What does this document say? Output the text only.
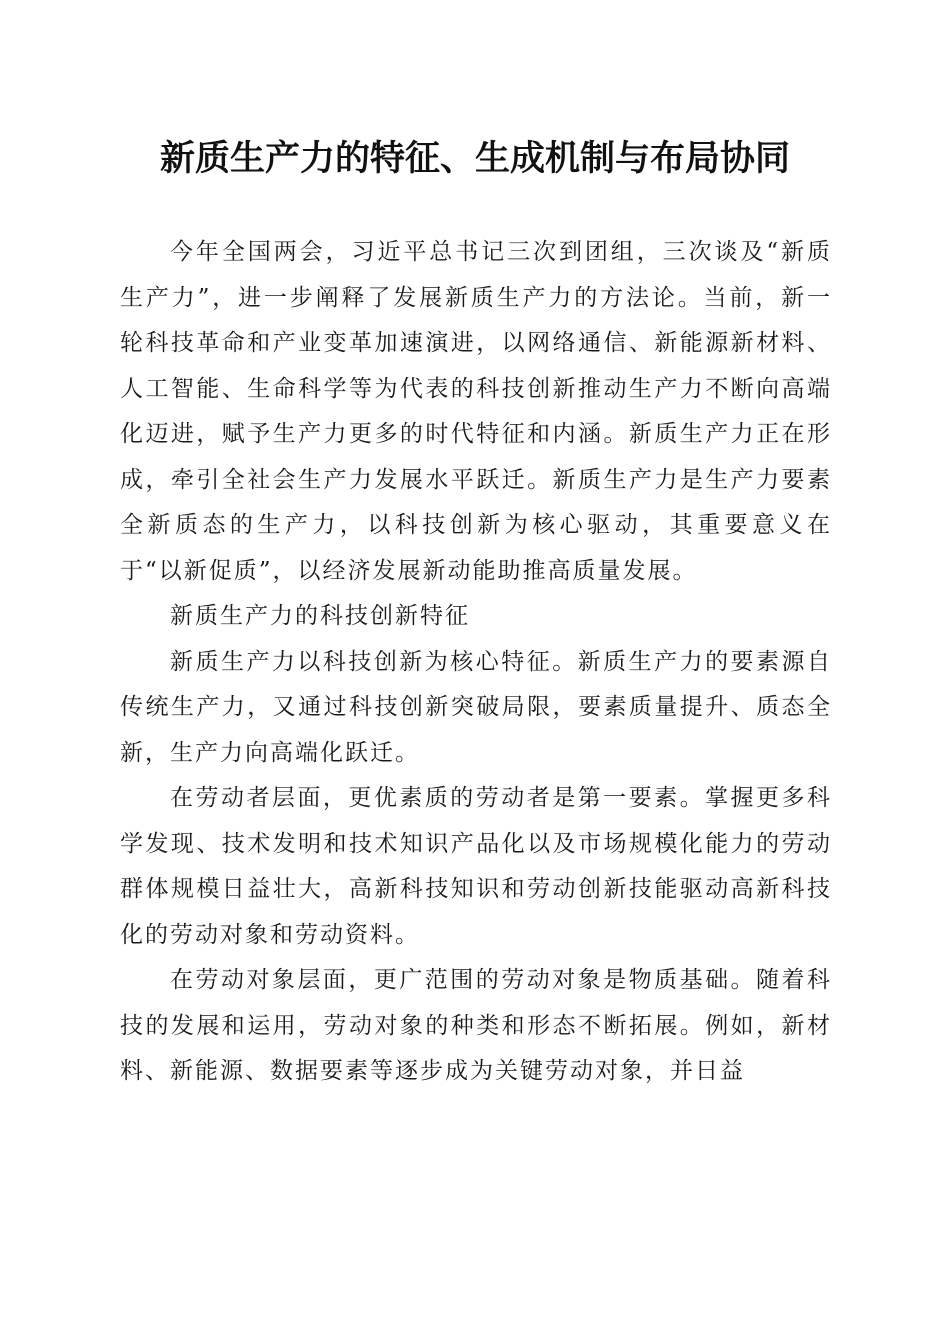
新质生产力的特征、生成机制与布局协同

今年全国两会，习近平总书记三次到团组，三次谈及“新质生产力”，进一步阐释了发展新质生产力的方法论。当前，新一轮科技革命和产业变革加速演进，以网络通信、新能源新材料、人工智能、生命科学等为代表的科技创新推动生产力不断向高端化迈进，赋予生产力更多的时代特征和内涵。新质生产力正在形成，牵引全社会生产力发展水平跃迁。新质生产力是生产力要素全新质态的生产力，以科技创新为核心驱动，其重要意义在于“以新促质”，以经济发展新动能助推高质量发展。

新质生产力的科技创新特征

新质生产力以科技创新为核心特征。新质生产力的要素源自传统生产力，又通过科技创新突破局限，要素质量提升、质态全新，生产力向高端化跃迁。

在劳动者层面，更优素质的劳动者是第一要素。掌握更多科学发现、技术发明和技术知识产品化以及市场规模化能力的劳动群体规模日益壮大，高新科技知识和劳动创新技能驱动高新科技化的劳动对象和劳动资料。

在劳动对象层面，更广范围的劳动对象是物质基础。随着科技的发展和运用，劳动对象的种类和形态不断拓展。例如，新材料、新能源、数据要素等逐步成为关键劳动对象，并日益
